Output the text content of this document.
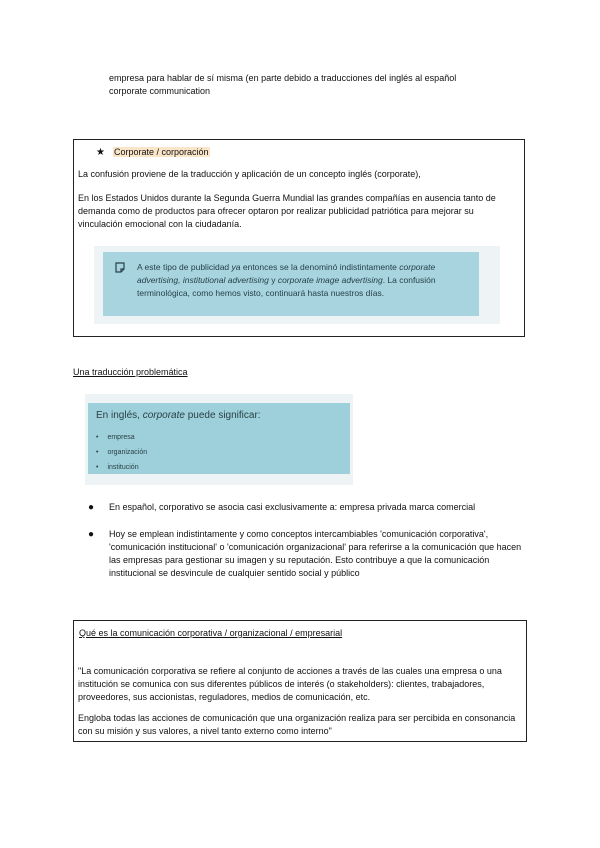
empresa para hablar de sí misma (en parte debido a traducciones del inglés al español
corporate communication
★ Corporate / corporación
La confusión proviene de la traducción y aplicación de un concepto inglés (corporate),
En los Estados Unidos durante la Segunda Guerra Mundial las grandes compañías en ausencia tanto de demanda como de productos para ofrecer optaron por realizar publicidad patriótica para mejorar su vinculación emocional con la ciudadanía.
A este tipo de publicidad ya entonces se la denominó indistintamente corporate advertising, institutional advertising y corporate image advertising. La confusión terminológica, como hemos visto, continuará hasta nuestros días.
Una traducción problemática
En inglés, corporate puede significar:
• empresa
• organización
• institución
● En español, corporativo se asocia casi exclusivamente a: empresa privada marca comercial
● Hoy se emplean indistintamente y como conceptos intercambiables 'comunicación corporativa', 'comunicación institucional' o 'comunicación organizacional' para referirse a la comunicación que hacen las empresas para gestionar su imagen y su reputación. Esto contribuye a que la comunicación institucional se desvincule de cualquier sentido social y público
Qué es la comunicación corporativa / organizacional / empresarial
"La comunicación corporativa se refiere al conjunto de acciones a través de las cuales una empresa o una institución se comunica con sus diferentes públicos de interés (o stakeholders): clientes, trabajadores, proveedores, sus accionistas, reguladores, medios de comunicación, etc.
Engloba todas las acciones de comunicación que una organización realiza para ser percibida en consonancia con su misión y sus valores, a nivel tanto externo como interno"
